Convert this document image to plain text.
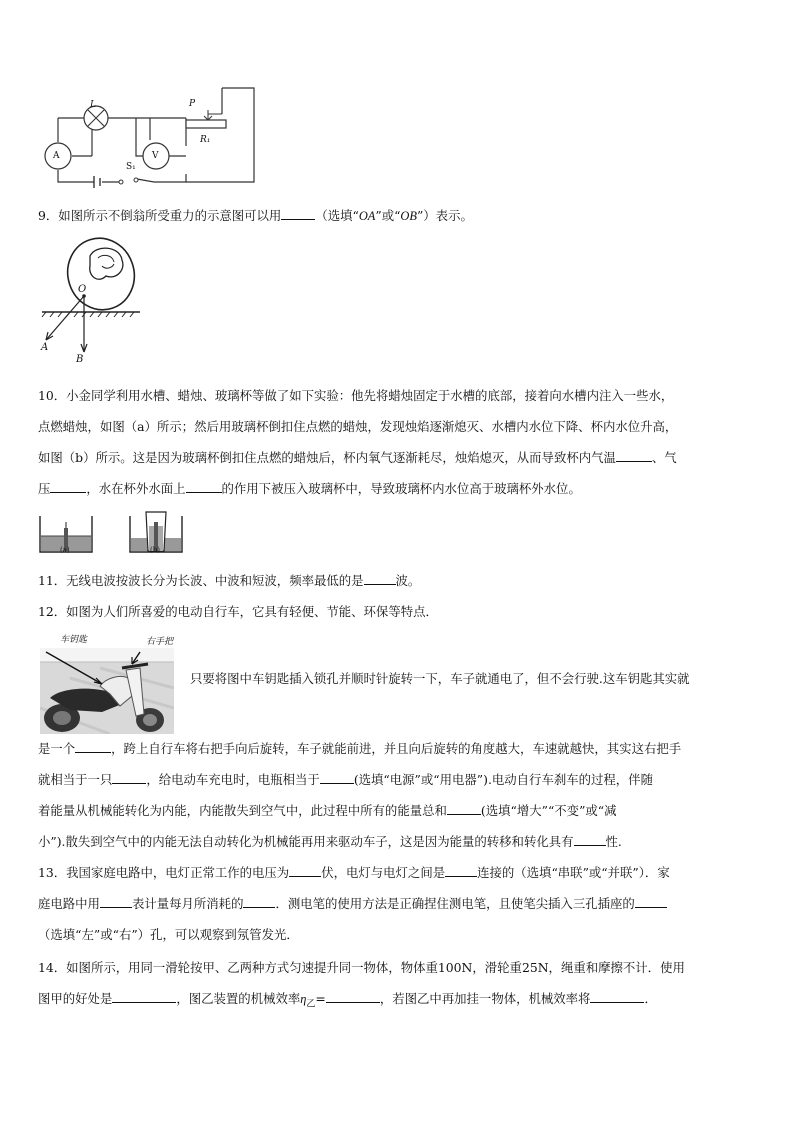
L	P
R₁
A	V
S₁
9．如图所示不倒翁所受重力的示意图可以用	（选填“OA”或“OB”）表示。
O
A
B
10．小金同学利用水槽、蜡烛、玻璃杯等做了如下实验：他先将蜡烛固定于水槽的底部，接着向水槽内注入一些水，
点燃蜡烛，如图（a）所示；然后用玻璃杯倒扣住点燃的蜡烛，发现烛焰逐渐熄灭、水槽内水位下降、杯内水位升高，
如图（b）所示。这是因为玻璃杯倒扣住点燃的蜡烛后，杯内氧气逐渐耗尽，烛焰熄灭，从而导致杯内气温	、气
压	，水在杯外水面上	的作用下被压入玻璃杯中，导致玻璃杯内水位高于玻璃杯外水位。
(a)	(b)
11．无线电波按波长分为长波、中波和短波，频率最低的是	波。
12．如图为人们所喜爱的电动自行车，它具有轻便、节能、环保等特点．
车钥匙	右手把
只要将图中车钥匙插入锁孔并顺时针旋转一下，车子就通电了，但不会行驶.这车钥匙其实就
是一个	，跨上自行车将右把手向后旋转，车子就能前进，并且向后旋转的角度越大，车速就越快，其实这右把手
就相当于一只	，给电动车充电时，电瓶相当于	(选填“电源”或“用电器”).电动自行车刹车的过程，伴随
着能量从机械能转化为内能，内能散失到空气中，此过程中所有的能量总和	(选填“增大”“不变”或“减
小”).散失到空气中的内能无法自动转化为机械能再用来驱动车子，这是因为能量的转移和转化具有	性.
13．我国家庭电路中，电灯正常工作的电压为	伏，电灯与电灯之间是	连接的（选填“串联”或“并联”）．家
庭电路中用	表计量每月所消耗的	．测电笔的使用方法是正确捏住测电笔，且使笔尖插入三孔插座的
（选填“左”或“右”）孔，可以观察到氖管发光．
14．如图所示，用同一滑轮按甲、乙两种方式匀速提升同一物体，物体重100N，滑轮重25N，绳重和摩擦不计．使用
图甲的好处是	，图乙装置的机械效率$\eta_乙=$	，若图乙中再加挂一物体，机械效率将	．
